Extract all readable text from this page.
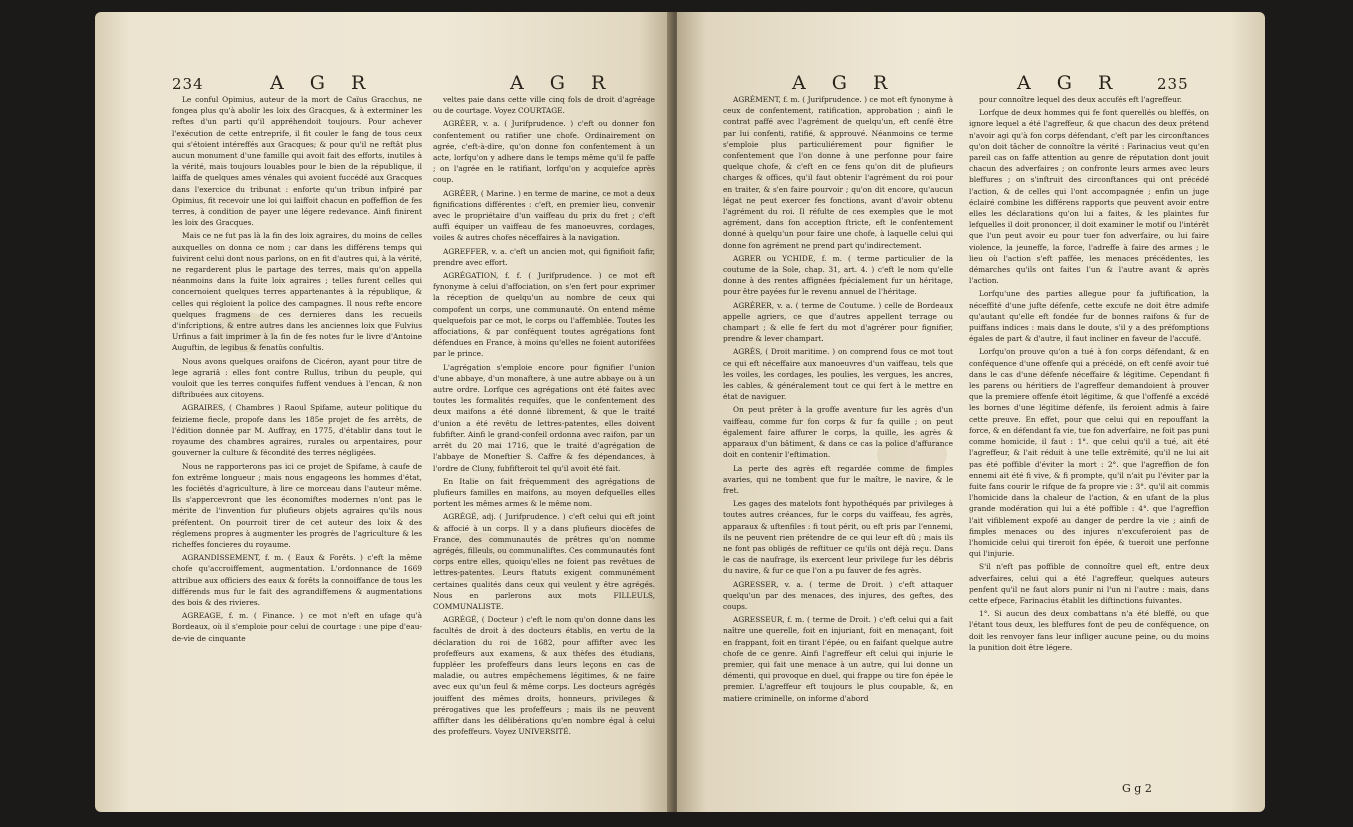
234	A G R	A G R

Le conful Opimius, auteur de la mort de Caïus Gracchus, ne fongea plus qu'à abolir les loix des Gracques, & à exterminer les reftes d'un parti qu'il appréhendoit toujours. Pour achever l'exécution de cette entreprife, il fit couler le fang de tous ceux qui s'étoient intéreffés aux Gracques; & pour qu'il ne reftât plus aucun monument d'une famille qui avoit fait des efforts, inutiles à la vérité, mais toujours louables pour le bien de la république, il laiffa de quelques ames vénales qui avoient fuccédé aux Gracques dans l'exercice du tribunat : enforte qu'un tribun infpiré par Opimius, fit recevoir une loi qui laiffoit chacun en poffeffion de fes terres, à condition de payer une légere redevance. Ainfi finirent les loix des Gracques.

Mais ce ne fut pas là la fin des loix agraires, du moins de celles auxquelles on donna ce nom ; car dans les différens temps qui fuivirent celui dont nous parlons, on en fit d'autres qui, à la vérité, ne regarderent plus le partage des terres, mais qu'on appella néanmoins dans la fuite loix agraires ; telles furent celles qui concernoient quelques terres appartenantes à la république, & celles qui régloient la police des campagnes. Il nous refte encore quelques fragmens de ces dernieres dans les recueils d'infcriptions, & entre autres dans les anciennes loix que Fulvius Urfinus a fait imprimer à la fin de fes notes fur le livre d'Antoine Auguftin, de legibus & fenatûs confultis.

Nous avons quelques oraifons de Cicéron, ayant pour titre de lege agrariâ : elles font contre Rullus, tribun du peuple, qui vouloit que les terres conquifes fuffent vendues à l'encan, & non diftribuées aux citoyens.

AGRAIRES, ( Chambres ) Raoul Spifame, auteur politique du feizieme fiecle, propofe dans les 185e projet de fes arrêts, de l'édition donnée par M. Auffray, en 1775, d'établir dans tout le royaume des chambres agraires, rurales ou arpentaires, pour gouverner la culture & fécondité des terres négligées.

Nous ne rapporterons pas ici ce projet de Spifame, à caufe de fon extrême longueur ; mais nous engageons les hommes d'état, les fociétés d'agriculture, à lire ce morceau dans l'auteur même. Ils s'appercevront que les économiftes modernes n'ont pas le mérite de l'invention fur plufieurs objets agraires qu'ils nous préfentent. On pourroit tirer de cet auteur des loix & des réglemens propres à augmenter les progrès de l'agriculture & les richeffes foncieres du royaume.

AGRANDISSEMENT, f. m. ( Eaux & Forêts. ) c'eft la même chofe qu'accroiffement, augmentation. L'ordonnance de 1669 attribue aux officiers des eaux & forêts la connoiffance de tous les différends mus fur le fait des agrandiffemens & augmentations des bois & des rivieres.

AGREAGE, f. m. ( Finance. ) ce mot n'eft en ufage qu'à Bordeaux, où il s'emploie pour celui de courtage : une pipe d'eau-de-vie de cinquante

veltes paie dans cette ville cinq fols de droit d'agréage ou de courtage. Voyez COURTAGE.

AGRÉER, v. a. ( Jurifprudence. ) c'eft ou donner fon confentement ou ratifier une chofe. Ordinairement on agrée, c'eft-à-dire, qu'on donne fon confentement à un acte, lorfqu'on y adhere dans le temps même qu'il fe paffe ; on l'agrée en le ratifiant, lorfqu'on y acquiefce après coup.

AGRÉER, ( Marine. ) en terme de marine, ce mot a deux fignifications différentes : c'eft, en premier lieu, convenir avec le propriétaire d'un vaiffeau du prix du fret ; c'eft auffi équiper un vaiffeau de fes manoeuvres, cordages, voiles & autres chofes néceffaires à la navigation.

AGREFFER, v. a. c'eft un ancien mot, qui fignifioit fafir, prendre avec effort.

AGRÉGATION, f. f. ( Jurifprudence. ) ce mot eft fynonyme à celui d'affociation, on s'en fert pour exprimer la réception de quelqu'un au nombre de ceux qui compofent un corps, une communauté. On entend même quelquefois par ce mot, le corps ou l'affemblée. Toutes les affociations, & par conféquent toutes agrégations font défendues en France, à moins qu'elles ne foient autorifées par le prince.

L'agrégation s'emploie encore pour fignifier l'union d'une abbaye, d'un monaftere, à une autre abbaye ou à un autre ordre. Lorfque ces agrégations ont été faites avec toutes les formalités requifes, que le confentement des deux maifons a été donné librement, & que le traité d'union a été revêtu de lettres-patentes, elles doivent fubfifter. Ainfi le grand-confeil ordonna avec raifon, par un arrêt du 20 mai 1716, que le traité d'agrégation de l'abbaye de Moneftier S. Caffre & fes dépendances, à l'ordre de Cluny, fubfifteroit tel qu'il avoit été fait.

En Italie on fait fréquemment des agrégations de plufieurs familles en maifons, au moyen defquelles elles portent les mêmes armes & le même nom.

AGRÉGÉ, adj. ( Jurifprudence. ) c'eft celui qui eft joint & affocié à un corps. Il y a dans plufieurs diocèfes de France, des communautés de prêtres qu'on nomme agrégés, filleuls, ou communaliftes. Ces communautés font corps entre elles, quoiqu'elles ne foient pas revêtues de lettres-patentes. Leurs ftatuts exigent communément certaines qualités dans ceux qui veulent y être agrégés. Nous en parlerons aux mots FILLEULS, COMMUNALISTE.

AGRÉGÉ, ( Docteur ) c'eft le nom qu'on donne dans les facultés de droit à des docteurs établis, en vertu de la déclaration du roi de 1682, pour affifter avec les profeffeurs aux examens, & aux thèfes des étudians, fuppléer les profeffeurs dans leurs leçons en cas de maladie, ou autres empêchemens légitimes, & ne faire avec eux qu'un feul & même corps. Les docteurs agrégés jouiffent des mêmes droits, honneurs, privileges & prérogatives que les profeffeurs ; mais ils ne peuvent affifter dans les délibérations qu'en nombre égal à celui des profeffeurs. Voyez UNIVERSITÉ.

A G R	A G R 235

AGRÉMENT, f. m. ( Jurifprudence. ) ce mot eft fynonyme à ceux de confentement, ratification, approbation ; ainfi le contrat paffé avec l'agrément de quelqu'un, eft cenfé être par lui confenti, ratifié, & approuvé. Néanmoins ce terme s'emploie plus particuliérement pour fignifier le confentement que l'on donne à une perfonne pour faire quelque chofe, & c'eft en ce fens qu'on dit de plufieurs charges & offices, qu'il faut obtenir l'agrément du roi pour en traiter, & s'en faire pourvoir ; qu'on dit encore, qu'aucun légat ne peut exercer fes fonctions, avant d'avoir obtenu l'agrément du roi. Il réfulte de ces exemples que le mot agrément, dans fon acception ftricte, eft le confentement donné à quelqu'un pour faire une chofe, à laquelle celui qui donne fon agrément ne prend part qu'indirectement.

AGRER ou YCHIDE, f. m. ( terme particulier de la coutume de la Sole, chap. 31, art. 4. ) c'eft le nom qu'elle donne à des rentes affignées fpécialement fur un héritage, pour être payées fur le revenu annuel de l'héritage.

AGRÉRER, v. a. ( terme de Coutume. ) celle de Bordeaux appelle agriers, ce que d'autres appellent terrage ou champart ; & elle fe fert du mot d'agrérer pour fignifier, prendre & lever champart.

AGRÈS, ( Droit maritime. ) on comprend fous ce mot tout ce qui eft néceffaire aux manoeuvres d'un vaiffeau, tels que les voiles, les cordages, les poulies, les vergues, les ancres, les cables, & généralement tout ce qui fert à le mettre en état de naviguer.

On peut prêter à la groffe aventure fur les agrès d'un vaiffeau, comme fur fon corps & fur fa quille ; on peut également faire affurer le corps, la quille, les agrès & apparaux d'un bâtiment, & dans ce cas la police d'affurance doit en contenir l'eftimation.

La perte des agrès eft regardée comme de fimples avaries, qui ne tombent que fur le maître, le navire, & le fret.

Les gages des matelots font hypothéqués par privileges à toutes autres créances, fur le corps du vaiffeau, fes agrès, apparaux & uftenfiles : fi tout périt, ou eft pris par l'ennemi, ils ne peuvent rien prétendre de ce qui leur eft dû ; mais ils ne font pas obligés de reftituer ce qu'ils ont déjà reçu. Dans le cas de naufrage, ils exercent leur privilege fur les débris du navire, & fur ce que l'on a pu fauver de fes agrès.

AGRESSER, v. a. ( terme de Droit. ) c'eft attaquer quelqu'un par des menaces, des injures, des geftes, des coups.

AGRESSEUR, f. m. ( terme de Droit. ) c'eft celui qui a fait naître une querelle, foit en injuriant, foit en menaçant, foit en frappant, foit en tirant l'épée, ou en faifant quelque autre chofe de ce genre. Ainfi l'agreffeur eft celui qui injurie le premier, qui fait une menace à un autre, qui lui donne un démenti, qui provoque en duel, qui frappe ou tire fon épée le premier. L'agreffeur eft toujours le plus coupable, &, en matiere criminelle, on informe d'abord

pour connoître lequel des deux accufés eft l'agreffeur.

Lorfque de deux hommes qui fe font querellés ou bleffés, on ignore lequel a été l'agreffeur, & que chacun des deux prétend n'avoir agi qu'à fon corps défendant, c'eft par les circonftances qu'on doit tâcher de connoître la vérité : Farinacius veut qu'en pareil cas on faffe attention au genre de réputation dont jouit chacun des adverfaires ; on confronte leurs armes avec leurs bleffures ; on s'inftruit des circonftances qui ont précédé l'action, & de celles qui l'ont accompagnée ; enfin un juge éclairé combine les différens rapports que peuvent avoir entre elles les déclarations qu'on lui a faites, & les plaintes fur lefquelles il doit prononcer, il doit examiner le motif ou l'intérêt que l'un peut avoir eu pour tuer fon adverfaire, ou lui faire violence, la jeuneffe, la force, l'adreffe à faire des armes ; le lieu où l'action s'eft paffée, les menaces précédentes, les démarches qu'ils ont faites l'un & l'autre avant & après l'action.

Lorfqu'une des parties allegue pour fa juftification, la néceffité d'une jufte défenfe, cette excufe ne doit être admife qu'autant qu'elle eft fondée fur de bonnes raifons & fur de puiffans indices : mais dans le doute, s'il y a des préfomptions égales de part & d'autre, il faut incliner en faveur de l'accufé.

Lorfqu'on prouve qu'on a tué à fon corps défendant, & en conféquence d'une offenfe qui a précédé, on eft cenfé avoir tué dans le cas d'une défenfe néceffaire & légitime. Cependant fi les parens ou héritiers de l'agreffeur demandoient à prouver que la premiere offenfe étoit légitime, & que l'offenfé a excédé les bornes d'une légitime défenfe, ils feroient admis à faire cette preuve. En effet, pour que celui qui en repouffant la force, & en défendant fa vie, tue fon adverfaire, ne foit pas puni comme homicide, il faut : 1°. que celui qu'il a tué, ait été l'agreffeur, & l'ait réduit à une telle extrêmité, qu'il ne lui ait pas été poffible d'éviter la mort : 2°. que l'agreffion de fon ennemi ait été fi vive, & fi prompte, qu'il n'ait pu l'éviter par la fuite fans courir le rifque de fa propre vie : 3°. qu'il ait commis l'homicide dans la chaleur de l'action, & en ufant de la plus grande modération qui lui a été poffible : 4°. que l'agreffion l'ait vifiblement expofé au danger de perdre la vie ; ainfi de fimples menaces ou des injures n'excuferoient pas de l'homicide celui qui tireroit fon épée, & tueroit une perfonne qui l'injurie.

S'il n'eft pas poffible de connoître quel eft, entre deux adverfaires, celui qui a été l'agreffeur, quelques auteurs penfent qu'il ne faut alors punir ni l'un ni l'autre : mais, dans cette efpece, Farinacius établit les diftinctions fuivantes.

1°. Si aucun des deux combattans n'a été bleffé, ou que l'étant tous deux, les bleffures font de peu de conféquence, on doit les renvoyer fans leur infliger aucune peine, ou du moins la punition doit être légere.

G g 2
